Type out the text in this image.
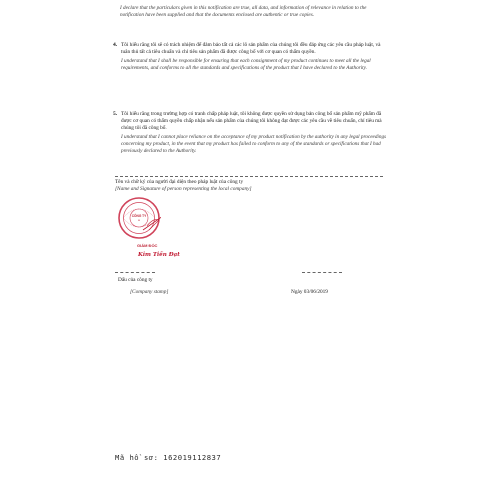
I declare that the particulars given in this notification are true, all data, and information of relevance in relation to the notification have been supplied and that the documents enclosed are authentic or true copies.
4. Tôi hiểu rằng tôi sẽ có trách nhiệm để đảm bảo tất cả các lô sản phẩm của chúng tôi đều đáp ứng các yêu cầu pháp luật, và tuân thủ tất cả tiêu chuẩn và chỉ tiêu sản phẩm đã được công bố với cơ quan có thẩm quyền.
I understand that I shall be responsible for ensuring that each consignment of my product continues to meet all the legal requirements, and conforms to all the standards and specifications of the product that I have declared to the Authority.
5. Tôi hiểu rằng trong trường hợp có tranh chấp pháp luật, tôi không được quyền sử dụng bản công bố sản phẩm mỹ phẩm đã được cơ quan có thẩm quyền chấp nhận nếu sản phẩm của chúng tôi không đạt được các yêu cầu về tiêu chuẩn, chỉ tiêu mà chúng tôi đã công bố.
I understand that I cannot place reliance on the acceptance of my product notification by the authority in any legal proceedings concerning my product, in the event that my product has failed to conform to any of the standards or specifications that I had previously declared to the Authority.
Tên và chữ ký của người đại diện theo pháp luật của công ty
[Name and Signature of person representing the local company]
CÔNG TY
★
GIÁM ĐỐC
Kim Tiến Đạt
Dấu của công ty
[Company stamp]	Ngày 03/06/2019
Mã hồ sơ: 162019112837
